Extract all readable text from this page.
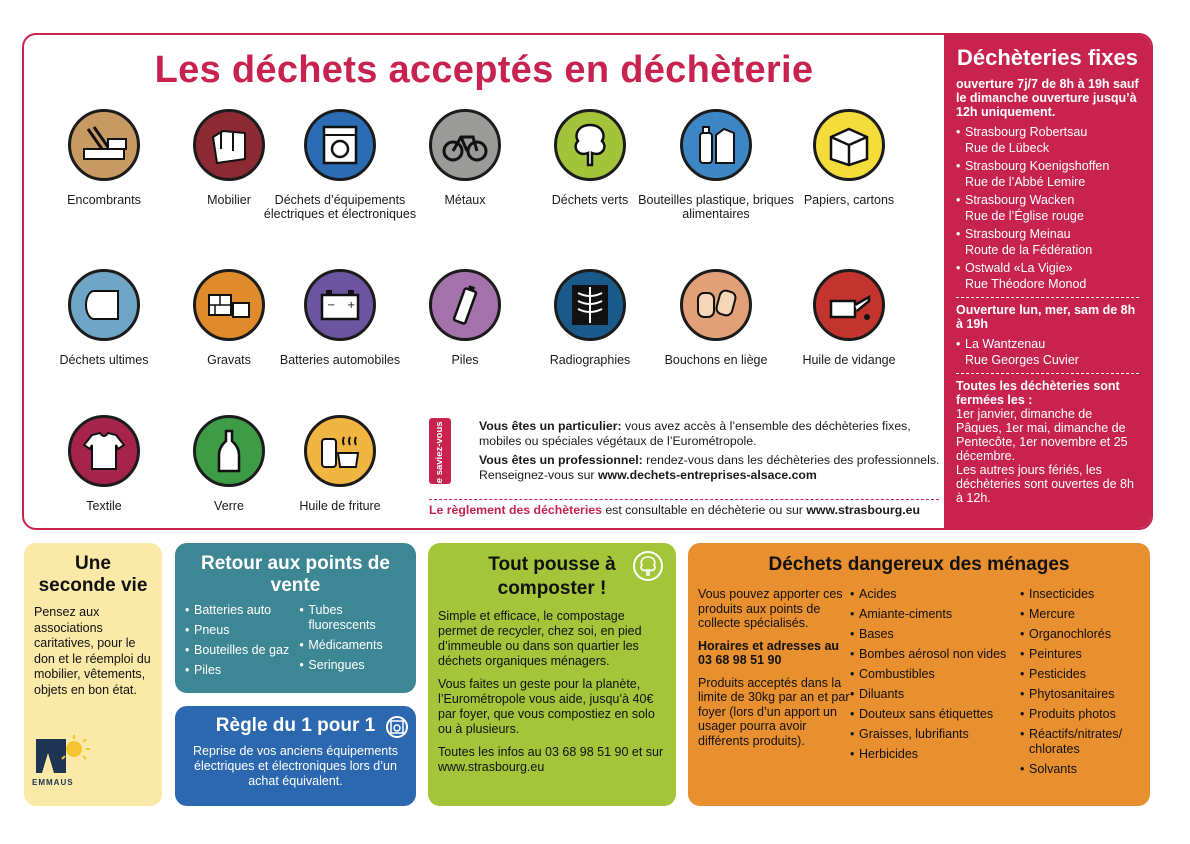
Les déchets acceptés en déchèterie
Encombrants	Mobilier	Déchets d’équipements électriques et électroniques
Métaux	Déchets verts Bouteilles plastique, briques alimentaires
Papiers, cartons
Déchets ultimes	Gravats
− +
Batteries automobiles	Piles	Radiographies	Bouchons en liège	Huile de vidange
Textile	Verre	Huile de friture
Le saviez-vous ?	Vous êtes un particulier: vous avez accès à l’ensemble des déchèteries fixes, mobiles ou spéciales végétaux de l’Eurométropole.

Vous êtes un professionnel: rendez-vous dans les déchèteries des professionnels. Renseignez-vous sur www.dechets-entreprises-alsace.com

Le règlement des déchèteries est consultable en déchèterie ou sur www.strasbourg.eu
Déchèteries fixes
ouverture 7j/7 de 8h à 19h sauf le dimanche ouverture jusqu’à 12h uniquement.
• Strasbourg Robertsau
Rue de Lübeck
• Strasbourg Koenigshoffen
Rue de l’Abbé Lemire
• Strasbourg Wacken
Rue de l’Église rouge
• Strasbourg Meinau
Route de la Fédération
• Ostwald «La Vigie»
Rue Théodore Monod
Ouverture lun, mer, sam de 8h à 19h
• La Wantzenau
Rue Georges Cuvier
Toutes les déchèteries sont fermées les :
1er janvier, dimanche de Pâques, 1er mai, dimanche de Pentecôte, 1er novembre et 25 décembre.
Les autres jours fériés, les déchèteries sont ouvertes de 8h à 12h.
Une seconde vie

Pensez aux associations caritatives, pour le don et le réemploi du mobilier, vêtements, objets en bon état.

EMMAUS
Retour aux points de vente
• Batteries auto
• Pneus
• Bouteilles de gaz
• Piles
• Tubes fluorescents
• Médicaments
• Seringues
Règle du 1 pour 1

Reprise de vos anciens équipements électriques et électroniques lors d’un achat équivalent.

Tout pousse à composter !

Simple et efficace, le compostage permet de recycler, chez soi, en pied d’immeuble ou dans son quartier les déchets organiques ménagers.

Vous faites un geste pour la planète, l’Eurométropole vous aide, jusqu’à 40€ par foyer, que vous compostiez en solo ou à plusieurs.

Toutes les infos au 03 68 98 51 90 et sur www.strasbourg.eu

Déchets dangereux des ménages

Vous pouvez apporter ces produits aux points de collecte spécialisés.

Horaires et adresses au 03 68 98 51 90

Produits acceptés dans la limite de 30kg par an et par foyer (lors d’un apport un usager pourra avoir différents produits).

• Acides
• Amiante-ciments
• Bases
• Bombes aérosol non vides
• Combustibles
• Diluants
• Douteux sans étiquettes
• Graisses, lubrifiants
• Herbicides
• Insecticides
• Mercure
• Organochlorés
• Peintures
• Pesticides
• Phytosanitaires
• Produits photos
• Réactifs/nitrates/ chlorates
• Solvants
